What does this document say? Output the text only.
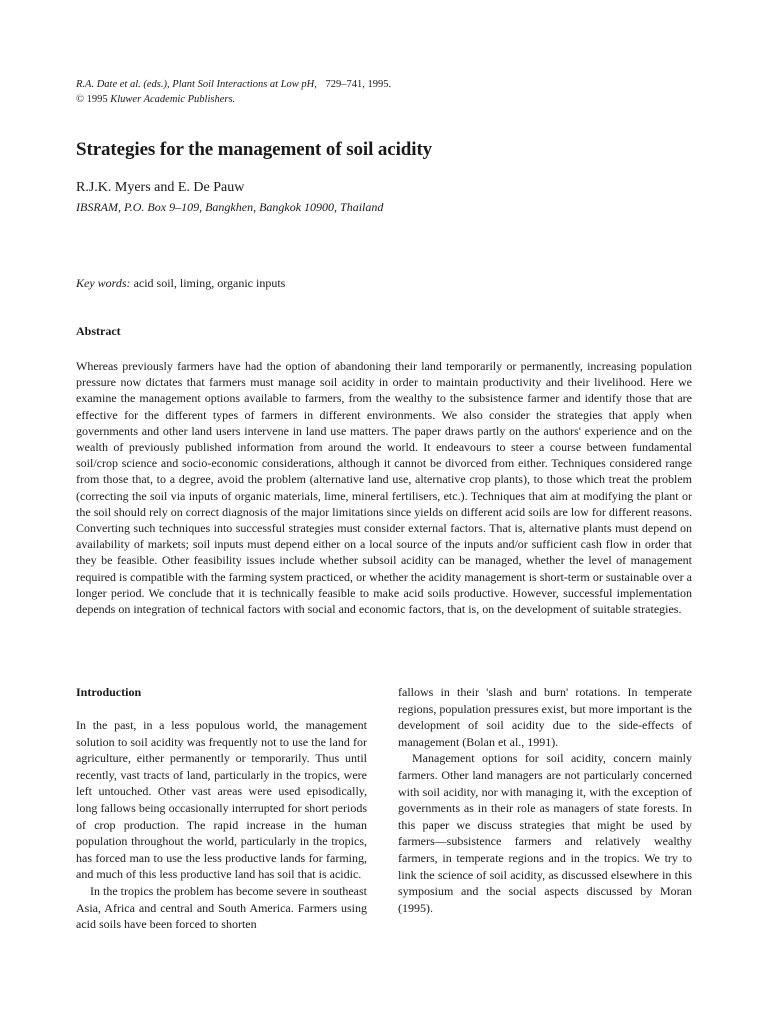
R.A. Date et al. (eds.), Plant Soil Interactions at Low pH, 729–741, 1995.
© 1995 Kluwer Academic Publishers.
Strategies for the management of soil acidity
R.J.K. Myers and E. De Pauw
IBSRAM, P.O. Box 9–109, Bangkhen, Bangkok 10900, Thailand
Key words: acid soil, liming, organic inputs
Abstract

Whereas previously farmers have had the option of abandoning their land temporarily or permanently, increasing population pressure now dictates that farmers must manage soil acidity in order to maintain productivity and their livelihood. Here we examine the management options available to farmers, from the wealthy to the subsistence farmer and identify those that are effective for the different types of farmers in different environments. We also consider the strategies that apply when governments and other land users intervene in land use matters. The paper draws partly on the authors' experience and on the wealth of previously published information from around the world. It endeavours to steer a course between fundamental soil/crop science and socio-economic considerations, although it cannot be divorced from either. Techniques considered range from those that, to a degree, avoid the problem (alternative land use, alternative crop plants), to those which treat the problem (correcting the soil via inputs of organic materials, lime, mineral fertilisers, etc.). Techniques that aim at modifying the plant or the soil should rely on correct diagnosis of the major limitations since yields on different acid soils are low for different reasons. Converting such techniques into successful strategies must consider external factors. That is, alternative plants must depend on availability of markets; soil inputs must depend either on a local source of the inputs and/or sufficient cash flow in order that they be feasible. Other feasibility issues include whether subsoil acidity can be managed, whether the level of management required is compatible with the farming system practiced, or whether the acidity management is short-term or sustainable over a longer period. We conclude that it is technically feasible to make acid soils productive. However, successful implementation depends on integration of technical factors with social and economic factors, that is, on the development of suitable strategies.

Introduction

In the past, in a less populous world, the management solution to soil acidity was frequently not to use the land for agriculture, either permanently or temporarily. Thus until recently, vast tracts of land, particularly in the tropics, were left untouched. Other vast areas were used episodically, long fallows being occasionally interrupted for short periods of crop production. The rapid increase in the human population throughout the world, particularly in the tropics, has forced man to use the less productive lands for farming, and much of this less productive land has soil that is acidic.

In the tropics the problem has become severe in southeast Asia, Africa and central and South America. Farmers using acid soils have been forced to shorten

fallows in their 'slash and burn' rotations. In temperate regions, population pressures exist, but more important is the development of soil acidity due to the side-effects of management (Bolan et al., 1991).

Management options for soil acidity, concern mainly farmers. Other land managers are not particularly concerned with soil acidity, nor with managing it, with the exception of governments as in their role as managers of state forests. In this paper we discuss strategies that might be used by farmers—subsistence farmers and relatively wealthy farmers, in temperate regions and in the tropics. We try to link the science of soil acidity, as discussed elsewhere in this symposium and the social aspects discussed by Moran (1995).
